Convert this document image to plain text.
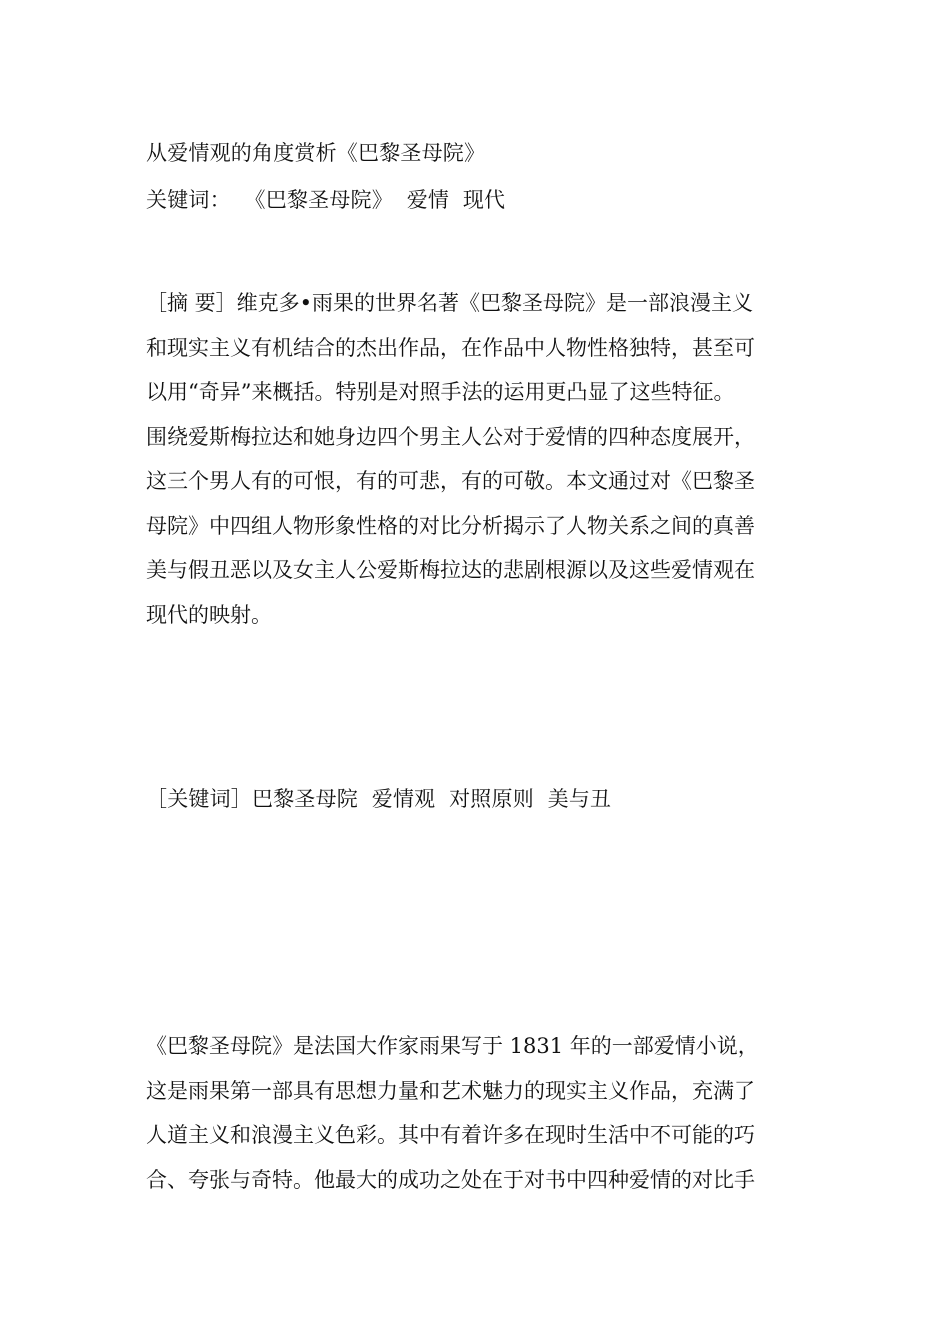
从爱情观的角度赏析《巴黎圣母院》
关键词：  《巴黎圣母院》  爱情  现代
［摘 要］维克多•雨果的世界名著《巴黎圣母院》是一部浪漫主义
和现实主义有机结合的杰出作品，在作品中人物性格独特，甚至可
以用“奇异”来概括。特别是对照手法的运用更凸显了这些特征。
围绕爱斯梅拉达和她身边四个男主人公对于爱情的四种态度展开，
这三个男人有的可恨，有的可悲，有的可敬。本文通过对《巴黎圣
母院》中四组人物形象性格的对比分析揭示了人物关系之间的真善
美与假丑恶以及女主人公爱斯梅拉达的悲剧根源以及这些爱情观在
现代的映射。
［关键词］巴黎圣母院  爱情观  对照原则  美与丑
《巴黎圣母院》是法国大作家雨果写于 1831 年的一部爱情小说，
这是雨果第一部具有思想力量和艺术魅力的现实主义作品，充满了
人道主义和浪漫主义色彩。其中有着许多在现时生活中不可能的巧
合、夸张与奇特。他最大的成功之处在于对书中四种爱情的对比手
